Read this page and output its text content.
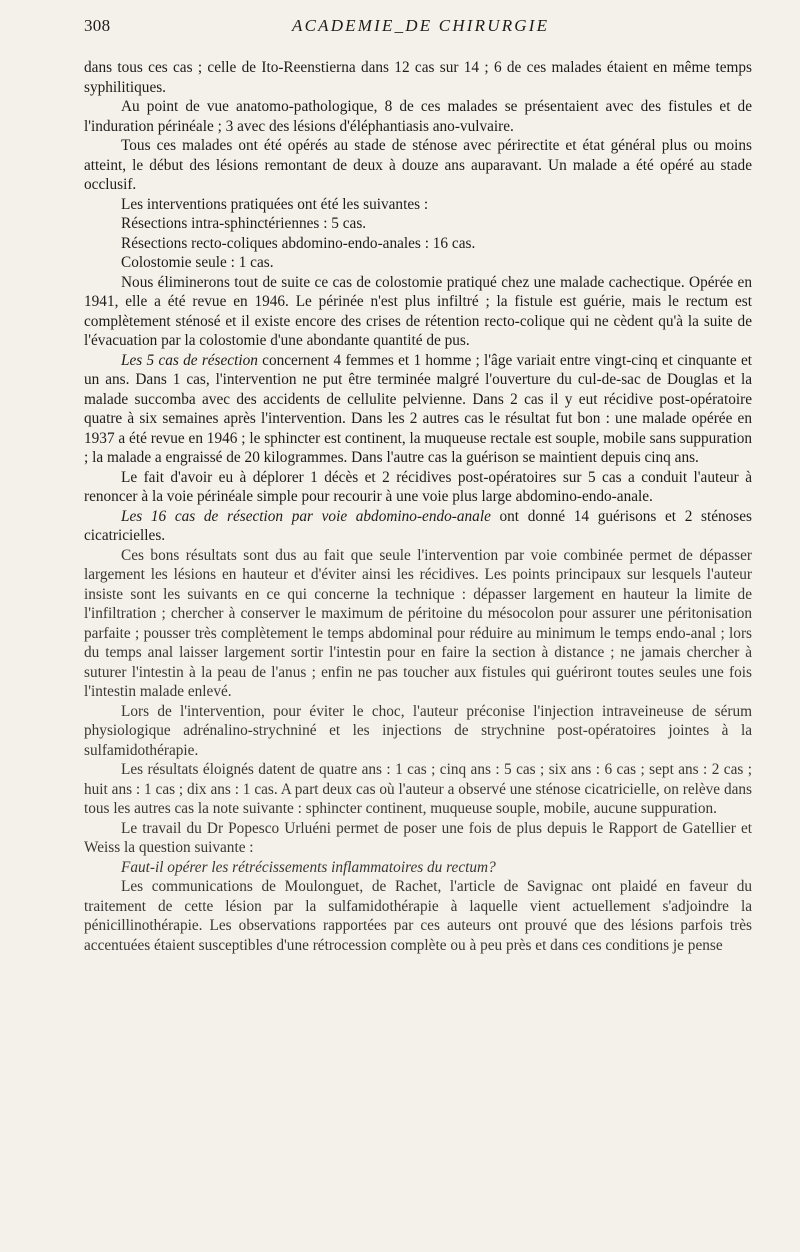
308	ACADEMIE_DE CHIRURGIE

dans tous ces cas ; celle de Ito-Reenstierna dans 12 cas sur 14 ; 6 de ces malades étaient en même temps syphilitiques.

Au point de vue anatomo-pathologique, 8 de ces malades se présentaient avec des fistules et de l'induration périnéale ; 3 avec des lésions d'éléphantiasis ano-vulvaire.

Tous ces malades ont été opérés au stade de sténose avec périrectite et état général plus ou moins atteint, le début des lésions remontant de deux à douze ans auparavant. Un malade a été opéré au stade occlusif.

Les interventions pratiquées ont été les suivantes :

Résections intra-sphinctériennes : 5 cas.

Résections recto-coliques abdomino-endo-anales : 16 cas.

Colostomie seule : 1 cas.

Nous éliminerons tout de suite ce cas de colostomie pratiqué chez une malade cachectique. Opérée en 1941, elle a été revue en 1946. Le périnée n'est plus infiltré ; la fistule est guérie, mais le rectum est complètement sténosé et il existe encore des crises de rétention recto-colique qui ne cèdent qu'à la suite de l'évacuation par la colostomie d'une abondante quantité de pus.

Les 5 cas de résection concernent 4 femmes et 1 homme ; l'âge variait entre vingt-cinq et cinquante et un ans. Dans 1 cas, l'intervention ne put être terminée malgré l'ouverture du cul-de-sac de Douglas et la malade succomba avec des accidents de cellulite pelvienne. Dans 2 cas il y eut récidive post-opératoire quatre à six semaines après l'intervention. Dans les 2 autres cas le résultat fut bon : une malade opérée en 1937 a été revue en 1946 ; le sphincter est continent, la muqueuse rectale est souple, mobile sans suppuration ; la malade a engraissé de 20 kilogrammes. Dans l'autre cas la guérison se maintient depuis cinq ans.

Le fait d'avoir eu à déplorer 1 décès et 2 récidives post-opératoires sur 5 cas a conduit l'auteur à renoncer à la voie périnéale simple pour recourir à une voie plus large abdomino-endo-anale.

Les 16 cas de résection par voie abdomino-endo-anale ont donné 14 guérisons et 2 sténoses cicatricielles.

Ces bons résultats sont dus au fait que seule l'intervention par voie combinée permet de dépasser largement les lésions en hauteur et d'éviter ainsi les récidives. Les points principaux sur lesquels l'auteur insiste sont les suivants en ce qui concerne la technique : dépasser largement en hauteur la limite de l'infiltration ; chercher à conserver le maximum de péritoine du mésocolon pour assurer une péritonisation parfaite ; pousser très complètement le temps abdominal pour réduire au minimum le temps endo-anal ; lors du temps anal laisser largement sortir l'intestin pour en faire la section à distance ; ne jamais chercher à suturer l'intestin à la peau de l'anus ; enfin ne pas toucher aux fistules qui guériront toutes seules une fois l'intestin malade enlevé.

Lors de l'intervention, pour éviter le choc, l'auteur préconise l'injection intraveineuse de sérum physiologique adrénalino-strychniné et les injections de strychnine post-opératoires jointes à la sulfamidothérapie.

Les résultats éloignés datent de quatre ans : 1 cas ; cinq ans : 5 cas ; six ans : 6 cas ; sept ans : 2 cas ; huit ans : 1 cas ; dix ans : 1 cas. A part deux cas où l'auteur a observé une sténose cicatricielle, on relève dans tous les autres cas la note suivante : sphincter continent, muqueuse souple, mobile, aucune suppuration.

Le travail du Dr Popesco Urluéni permet de poser une fois de plus depuis le Rapport de Gatellier et Weiss la question suivante :

Faut-il opérer les rétrécissements inflammatoires du rectum?

Les communications de Moulonguet, de Rachet, l'article de Savignac ont plaidé en faveur du traitement de cette lésion par la sulfamidothérapie à laquelle vient actuellement s'adjoindre la pénicillinothérapie. Les observations rapportées par ces auteurs ont prouvé que des lésions parfois très accentuées étaient susceptibles d'une rétrocession complète ou à peu près et dans ces conditions je pense
